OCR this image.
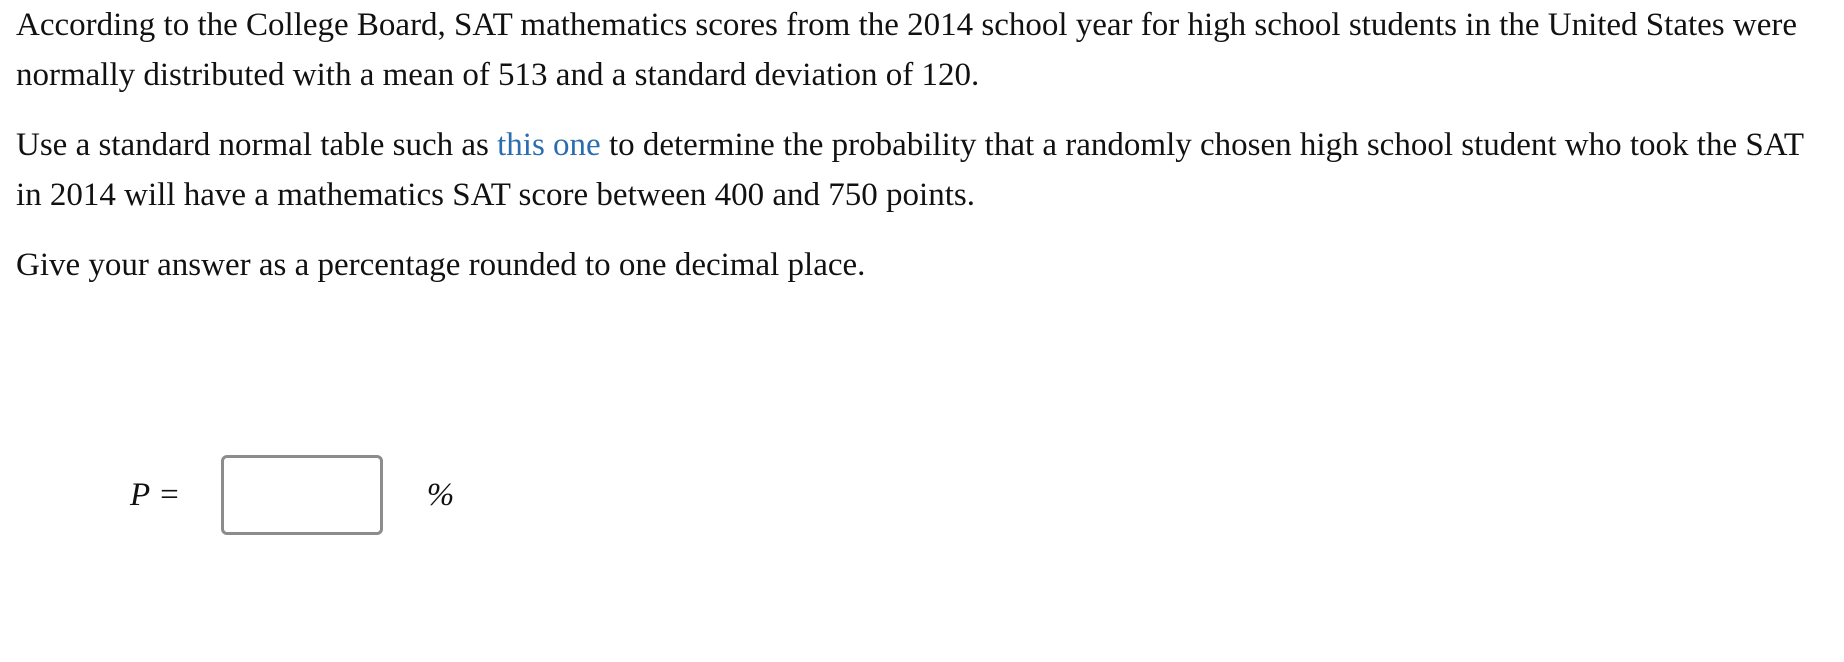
According to the College Board, SAT mathematics scores from the 2014 school year for high school students in the United States were normally distributed with a mean of 513 and a standard deviation of 120.

Use a standard normal table such as this one to determine the probability that a randomly chosen high school student who took the SAT in 2014 will have a mathematics SAT score between 400 and 750 points.

Give your answer as a percentage rounded to one decimal place.

P =	%
